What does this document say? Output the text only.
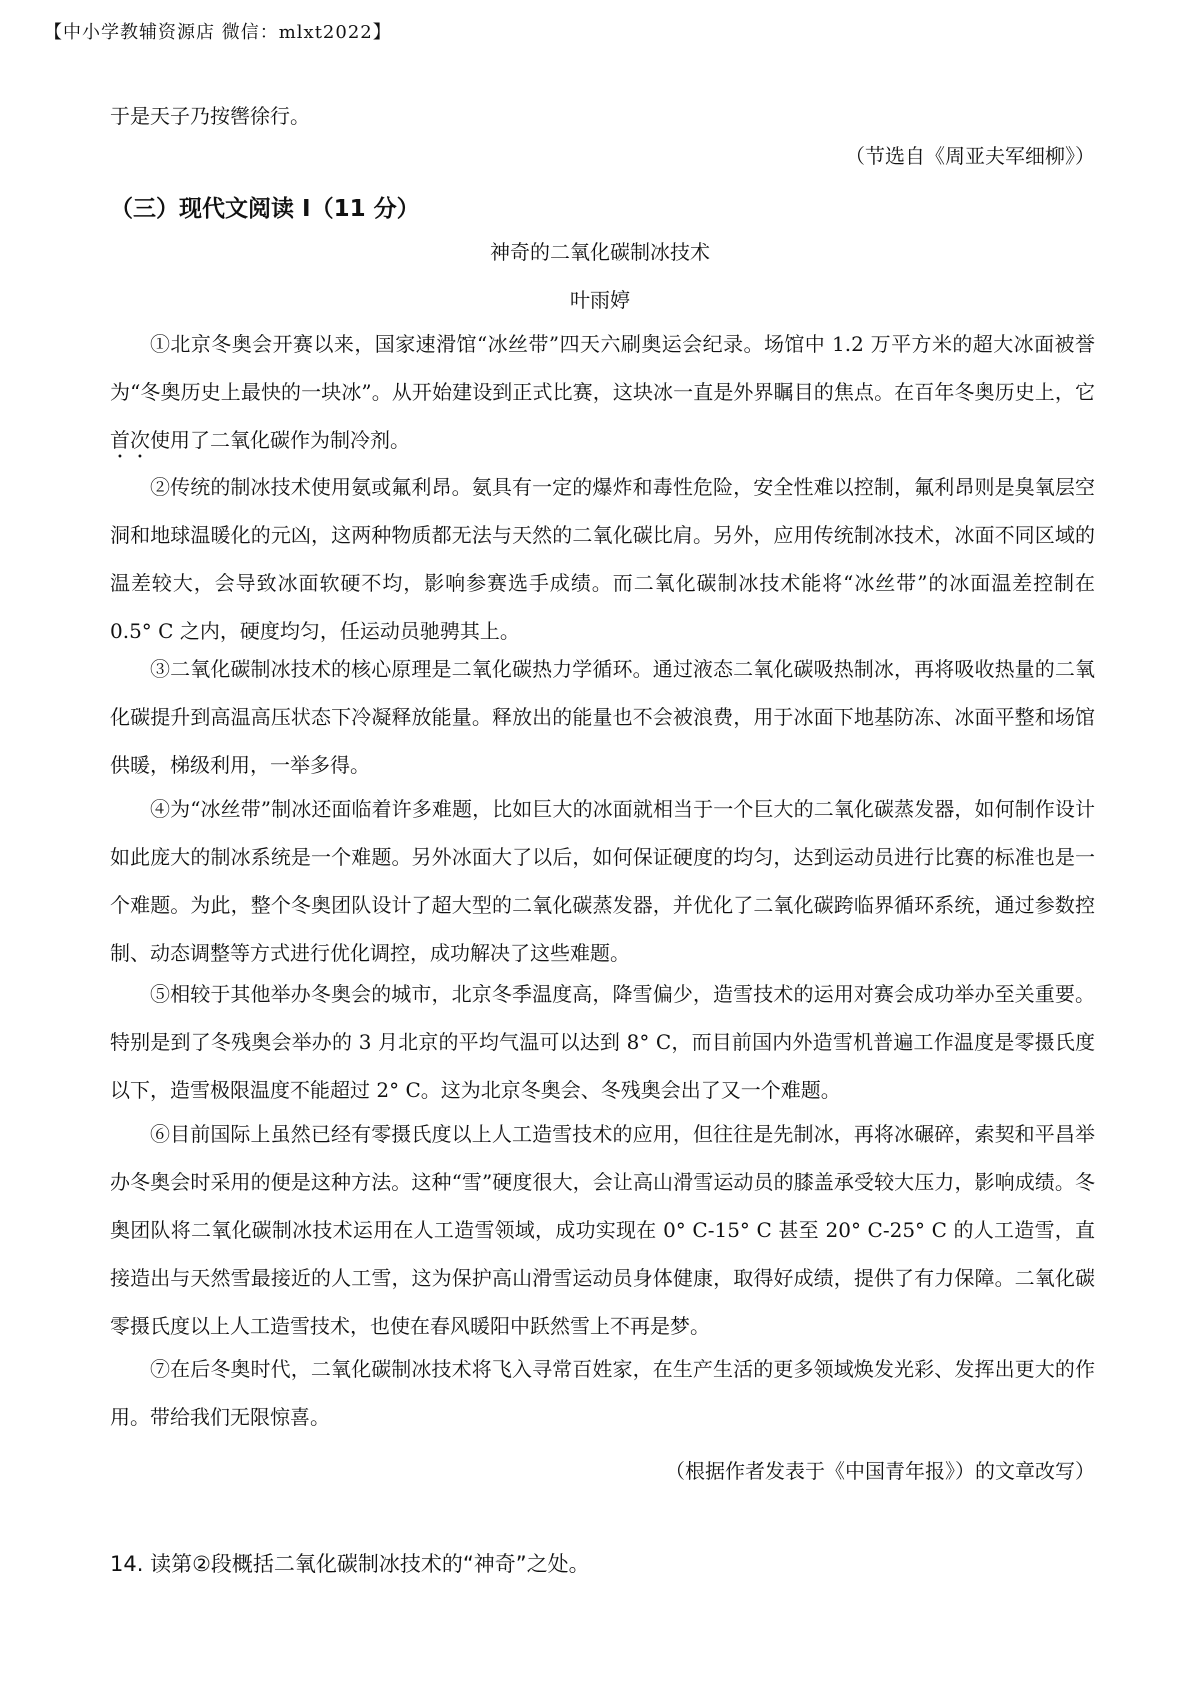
【中小学教辅资源店 微信：mlxt2022】
于是天子乃按辔徐行。
（节选自《周亚夫军细柳》）
（三）现代文阅读 I（11 分）
神奇的二氧化碳制冰技术
叶雨婷
①北京冬奥会开赛以来，国家速滑馆“冰丝带”四天六刷奥运会纪录。场馆中 1.2 万平方米的超大冰面被誉为“冬奥历史上最快的一块冰”。从开始建设到正式比赛，这块冰一直是外界瞩目的焦点。在百年冬奥历史上，它首次使用了二氧化碳作为制冷剂。
②传统的制冰技术使用氨或氟利昂。氨具有一定的爆炸和毒性危险，安全性难以控制，氟利昂则是臭氧层空洞和地球温暖化的元凶，这两种物质都无法与天然的二氧化碳比肩。另外，应用传统制冰技术，冰面不同区域的温差较大，会导致冰面软硬不均，影响参赛选手成绩。而二氧化碳制冰技术能将“冰丝带”的冰面温差控制在 0.5° C 之内，硬度均匀，任运动员驰骋其上。
③二氧化碳制冰技术的核心原理是二氧化碳热力学循环。通过液态二氧化碳吸热制冰，再将吸收热量的二氧化碳提升到高温高压状态下冷凝释放能量。释放出的能量也不会被浪费，用于冰面下地基防冻、冰面平整和场馆供暖，梯级利用，一举多得。
④为“冰丝带”制冰还面临着许多难题，比如巨大的冰面就相当于一个巨大的二氧化碳蒸发器，如何制作设计如此庞大的制冰系统是一个难题。另外冰面大了以后，如何保证硬度的均匀，达到运动员进行比赛的标准也是一个难题。为此，整个冬奥团队设计了超大型的二氧化碳蒸发器，并优化了二氧化碳跨临界循环系统，通过参数控制、动态调整等方式进行优化调控，成功解决了这些难题。
⑤相较于其他举办冬奥会的城市，北京冬季温度高，降雪偏少，造雪技术的运用对赛会成功举办至关重要。特别是到了冬残奥会举办的 3 月北京的平均气温可以达到 8° C，而目前国内外造雪机普遍工作温度是零摄氏度以下，造雪极限温度不能超过 2° C。这为北京冬奥会、冬残奥会出了又一个难题。
⑥目前国际上虽然已经有零摄氏度以上人工造雪技术的应用，但往往是先制冰，再将冰碾碎，索契和平昌举办冬奥会时采用的便是这种方法。这种“雪”硬度很大，会让高山滑雪运动员的膝盖承受较大压力，影响成绩。冬奥团队将二氧化碳制冰技术运用在人工造雪领域，成功实现在 0° C-15° C 甚至 20° C-25° C 的人工造雪，直接造出与天然雪最接近的人工雪，这为保护高山滑雪运动员身体健康，取得好成绩，提供了有力保障。二氧化碳零摄氏度以上人工造雪技术，也使在春风暖阳中跃然雪上不再是梦。
⑦在后冬奥时代，二氧化碳制冰技术将飞入寻常百姓家，在生产生活的更多领域焕发光彩、发挥出更大的作用。带给我们无限惊喜。
（根据作者发表于《中国青年报》）的文章改写）
14. 读第②段概括二氧化碳制冰技术的“神奇”之处。
